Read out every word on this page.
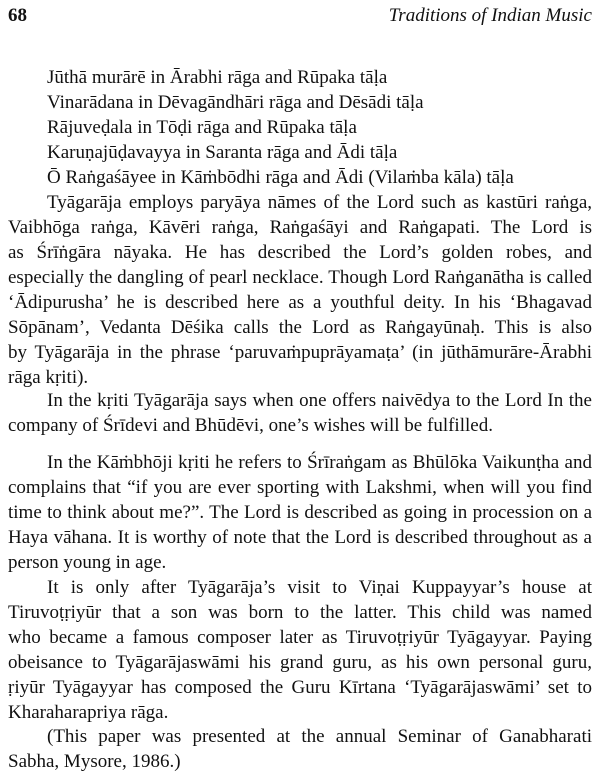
68	Traditions of Indian Music
Jūthā murārē in Ārabhi rāga and Rūpaka tāḷa
Vinarādana in Dēvagāndhāri rāga and Dēsādi tāḷa
Rājuveḍala in Tōḍi rāga and Rūpaka tāḷa
Karuṇajūḍavayya in Saranta rāga and Ādi tāḷa
Ō Raṅgaśāyee in Kāṁbōdhi rāga and Ādi (Vilaṁba kāla) tāḷa
Tyāgarāja employs paryāya nāmes of the Lord such as kastūri raṅga,
Vaibhōga raṅga, Kāvēri raṅga, Raṅgaśāyi and Raṅgapati. The Lord is
as Śrīṅgāra nāyaka. He has described the Lord’s golden robes, and
especially the dangling of pearl necklace. Though Lord Raṅganātha is called
‘Ādipurusha’ he is described here as a youthful deity. In his ‘Bhagavad
Sōpānam’, Vedanta Dēśika calls the Lord as Raṅgayūnaḥ. This is also
by Tyāgarāja in the phrase ‘paruvaṁpuprāyamaṭa’ (in jūthāmurāre-Ārabhi
rāga kṛiti).
In the kṛiti Tyāgarāja says when one offers naivēdya to the Lord In the
company of Śrīdevi and Bhūdēvi, one’s wishes will be fulfilled.
In the Kāṁbhōji kṛiti he refers to Śrīraṅgam as Bhūlōka Vaikunṭha and
complains that “if you are ever sporting with Lakshmi, when will you find
time to think about me?”. The Lord is described as going in procession on a
Haya vāhana. It is worthy of note that the Lord is described throughout as a
person young in age.
It is only after Tyāgarāja’s visit to Viṇai Kuppayyar’s house at
Tiruvoṭṛiyūr that a son was born to the latter. This child was named
who became a famous composer later as Tiruvoṭṛiyūr Tyāgayyar. Paying
obeisance to Tyāgarājaswāmi his grand guru, as his own personal guru,
ṛiyūr Tyāgayyar has composed the Guru Kīrtana ‘Tyāgarājaswāmi’ set to
Kharaharapriya rāga.
(This paper was presented at the annual Seminar of Ganabharati
Sabha, Mysore, 1986.)
